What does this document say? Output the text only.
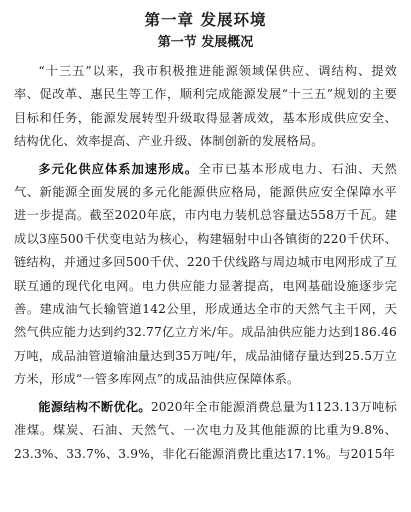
第一章 发展环境
第一节 发展概况

“十三五”以来，我市积极推进能源领域保供应、调结构、提效率、促改革、惠民生等工作，顺利完成能源发展“十三五”规划的主要目标和任务，能源发展转型升级取得显著成效，基本形成供应安全、结构优化、效率提高、产业升级、体制创新的发展格局。

多元化供应体系加速形成。全市已基本形成电力、石油、天然气、新能源全面发展的多元化能源供应格局，能源供应安全保障水平进一步提高。截至2020年底，市内电力装机总容量达558万千瓦。建成以3座500千伏变电站为核心，构建辐射中山各镇街的220千伏环、链结构，并通过多回500千伏、220千伏线路与周边城市电网形成了互联互通的现代化电网。电力供应能力显著提高，电网基础设施逐步完善。建成油气长输管道142公里，形成通达全市的天然气主干网，天然气供应能力达到约32.77亿立方米/年。成品油供应能力达到186.46万吨，成品油管道输油量达到35万吨/年，成品油储存量达到25.5万立方米，形成“一管多库网点”的成品油供应保障体系。

能源结构不断优化。2020年全市能源消费总量为1123.13万吨标准煤。煤炭、石油、天然气、一次电力及其他能源的比重为9.8%、23.3%、33.7%、3.9%，非化石能源消费比重达17.1%。与2015年
